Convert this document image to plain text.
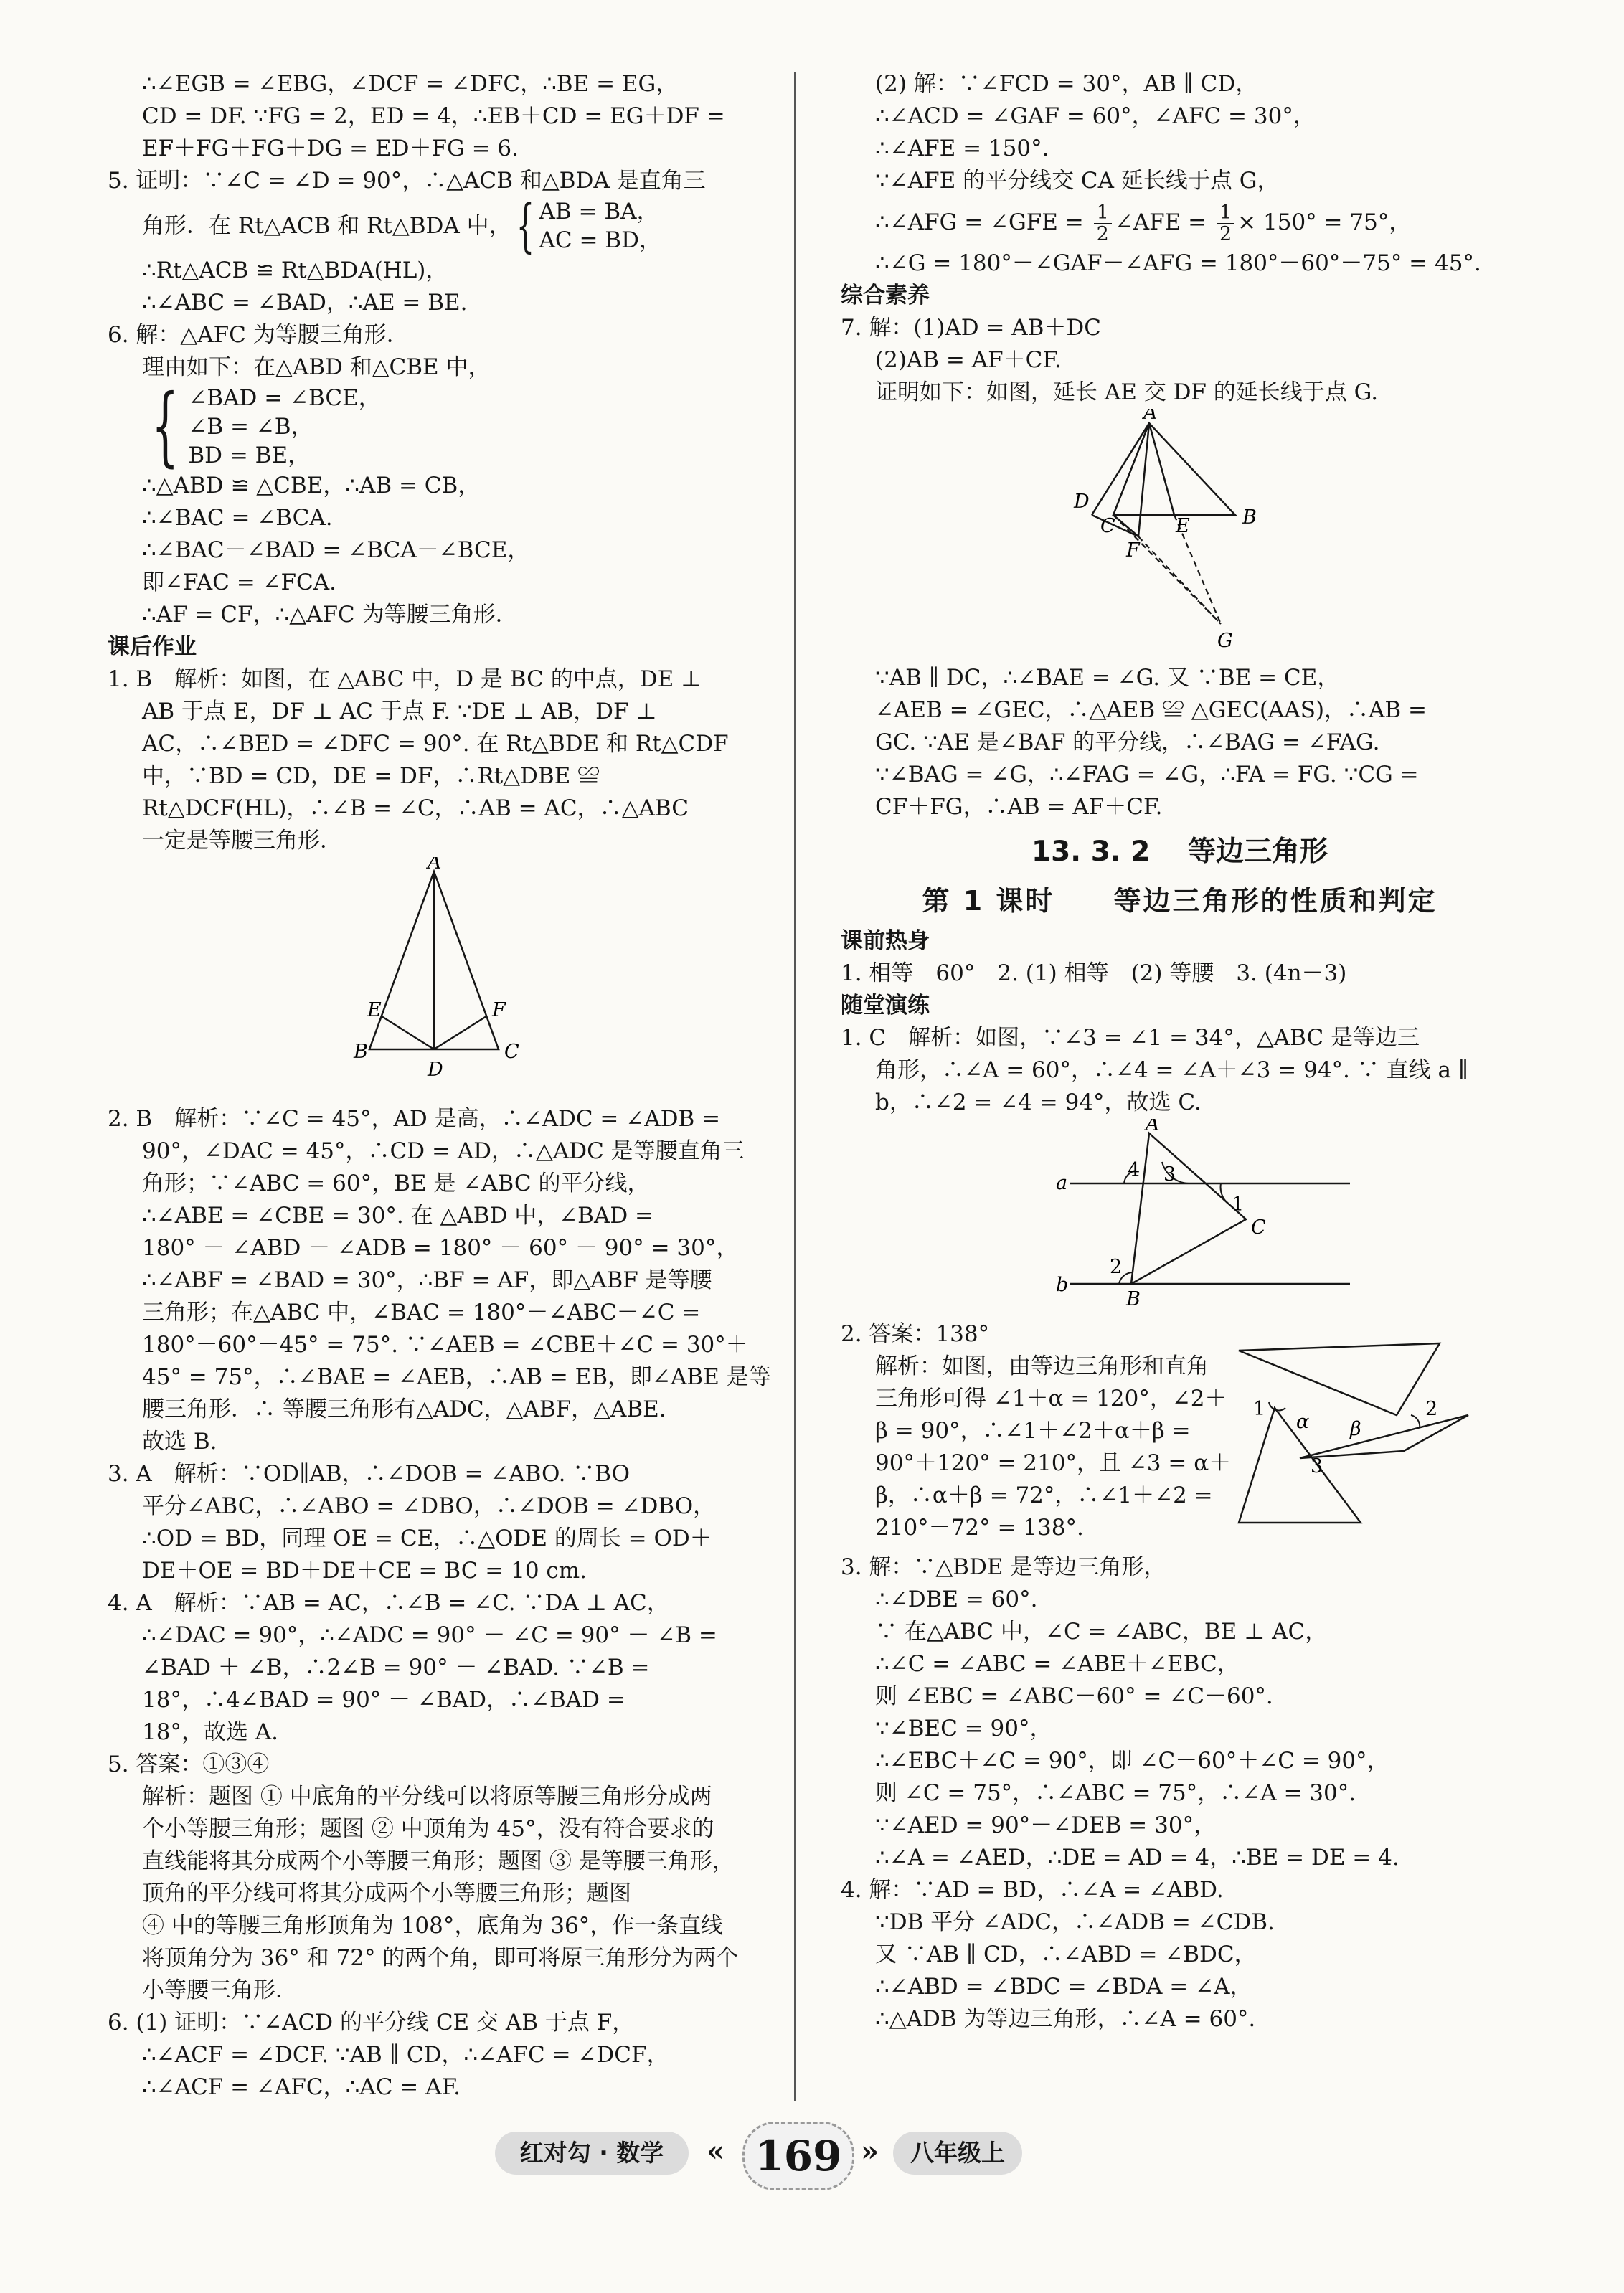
∴∠EGB = ∠EBG，∠DCF = ∠DFC，∴BE = EG，
CD = DF. ∵FG = 2，ED = 4，∴EB＋CD = EG＋DF =
EF＋FG＋FG＋DG = ED＋FG = 6.
5. 证明：∵∠C = ∠D = 90°，∴△ACB 和△BDA 是直角三
角形．在 Rt△ACB 和 Rt△BDA 中， { AB = BA，
AC = BD，
∴Rt△ACB ≌ Rt△BDA(HL)，
∴∠ABC = ∠BAD，∴AE = BE.
6. 解：△AFC 为等腰三角形．
理由如下：在△ABD 和△CBE 中，
{ ∠BAD = ∠BCE，
∠B = ∠B，
BD = BE，
∴△ABD ≌ △CBE，∴AB = CB，
∴∠BAC = ∠BCA.
∴∠BAC－∠BAD = ∠BCA－∠BCE，
即∠FAC = ∠FCA.
∴AF = CF，∴△AFC 为等腰三角形．
课后作业
1. B　解析：如图，在 △ABC 中，D 是 BC 的中点，DE ⊥
AB 于点 E，DF ⊥ AC 于点 F. ∵DE ⊥ AB，DF ⊥
AC，∴∠BED = ∠DFC = 90°. 在 Rt△BDE 和 Rt△CDF
中，∵BD = CD，DE = DF，∴Rt△DBE ≌
Rt△DCF(HL)，∴∠B = ∠C，∴AB = AC，∴△ABC
一定是等腰三角形．
A
B	C
D
E	F
2. B　解析：∵∠C = 45°，AD 是高，∴∠ADC = ∠ADB =
90°，∠DAC = 45°，∴CD = AD，∴△ADC 是等腰直角三
角形；∵∠ABC = 60°，BE 是 ∠ABC 的平分线，
∴∠ABE = ∠CBE = 30°. 在 △ABD 中，∠BAD =
180° － ∠ABD － ∠ADB = 180° － 60° － 90° = 30°，
∴∠ABF = ∠BAD = 30°，∴BF = AF，即△ABF 是等腰
三角形；在△ABC 中，∠BAC = 180°－∠ABC－∠C =
180°－60°－45° = 75°. ∵∠AEB = ∠CBE＋∠C = 30°＋
45° = 75°，∴∠BAE = ∠AEB，∴AB = EB，即∠ABE 是等
腰三角形．∴ 等腰三角形有△ADC，△ABF，△ABE.
故选 B.
3. A　解析：∵OD∥AB，∴∠DOB = ∠ABO. ∵BO
平分∠ABC，∴∠ABO = ∠DBO，∴∠DOB = ∠DBO，
∴OD = BD，同理 OE = CE，∴△ODE 的周长 = OD＋
DE＋OE = BD＋DE＋CE = BC = 10 cm.
4. A　解析：∵AB = AC，∴∠B = ∠C. ∵DA ⊥ AC，
∴∠DAC = 90°，∴∠ADC = 90° － ∠C = 90° － ∠B =
∠BAD ＋ ∠B，∴2∠B = 90° － ∠BAD. ∵∠B =
18°，∴4∠BAD = 90° － ∠BAD，∴∠BAD =
18°，故选 A.
5. 答案：①③④
解析：题图 ① 中底角的平分线可以将原等腰三角形分成两
个小等腰三角形；题图 ② 中顶角为 45°，没有符合要求的
直线能将其分成两个小等腰三角形；题图 ③ 是等腰三角形，
顶角的平分线可将其分成两个小等腰三角形；题图
④ 中的等腰三角形顶角为 108°，底角为 36°，作一条直线
将顶角分为 36° 和 72° 的两个角，即可将原三角形分为两个
小等腰三角形．
6. (1) 证明：∵∠ACD 的平分线 CE 交 AB 于点 F，
∴∠ACF = ∠DCF. ∵AB ∥ CD，∴∠AFC = ∠DCF，
∴∠ACF = ∠AFC，∴AC = AF.
(2) 解：∵∠FCD = 30°，AB ∥ CD，
∴∠ACD = ∠GAF = 60°，∠AFC = 30°，
∴∠AFE = 150°.
∵∠AFE 的平分线交 CA 延长线于点 G，
∴∠AFG = ∠GFE = $\frac{1}{2}$ ∠AFE = $\frac{1}{2} \times 150^\circ = 75^\circ$，
∴∠G = 180°－∠GAF－∠AFG = 180°－60°－75° = 45°.
综合素养
7. 解：(1)AD = AB＋DC
(2)AB = AF＋CF.
证明如下：如图，延长 AE 交 DF 的延长线于点 G.
A
D
C	E	B
F
G
∵AB ∥ DC，∴∠BAE = ∠G. 又 ∵BE = CE，
∠AEB = ∠GEC，∴△AEB ≌ △GEC(AAS)，∴AB =
GC. ∵AE 是∠BAF 的平分线，∴∠BAG = ∠FAG.
∵∠BAG = ∠G，∴∠FAG = ∠G，∴FA = FG. ∵CG =
CF＋FG，∴AB = AF＋CF.
13. 3. 2　 等边三角形
第 1 课时　　等边三角形的性质和判定
课前热身
1. 相等　60°　2. (1) 相等　(2) 等腰　3. (4n－3)
随堂演练
1. C　解析：如图，∵∠3 = ∠1 = 34°，△ABC 是等边三
角形，∴∠A = 60°，∴∠4 = ∠A＋∠3 = 94°. ∵ 直线 a ∥
b，∴∠2 = ∠4 = 94°，故选 C.
A
B
C
a
b
1
2
3
4
2. 答案：138°
解析：如图，由等边三角形和直角
三角形可得 ∠1＋α = 120°，∠2＋
β = 90°，∴∠1＋∠2＋α＋β =
90°＋120° = 210°，且 ∠3 = α＋
β，∴α＋β = 72°，∴∠1＋∠2 =
210°－72° = 138°.
1	2
3
α β
3. 解：∵△BDE 是等边三角形，
∴∠DBE = 60°.
∵ 在△ABC 中，∠C = ∠ABC，BE ⊥ AC，
∴∠C = ∠ABC = ∠ABE＋∠EBC，
则 ∠EBC = ∠ABC－60° = ∠C－60°.
∵∠BEC = 90°，
∴∠EBC＋∠C = 90°，即 ∠C－60°＋∠C = 90°，
则 ∠C = 75°，∴∠ABC = 75°，∴∠A = 30°.
∵∠AED = 90°－∠DEB = 30°，
∴∠A = ∠AED，∴DE = AD = 4，∴BE = DE = 4.
4. 解：∵AD = BD，∴∠A = ∠ABD.
∵DB 平分 ∠ADC，∴∠ADB = ∠CDB.
又 ∵AB ∥ CD，∴∠ABD = ∠BDC，
∴∠ABD = ∠BDC = ∠BDA = ∠A，
∴△ADB 为等边三角形，∴∠A = 60°.
红对勾 · 数学	« 169 »	八年级上
